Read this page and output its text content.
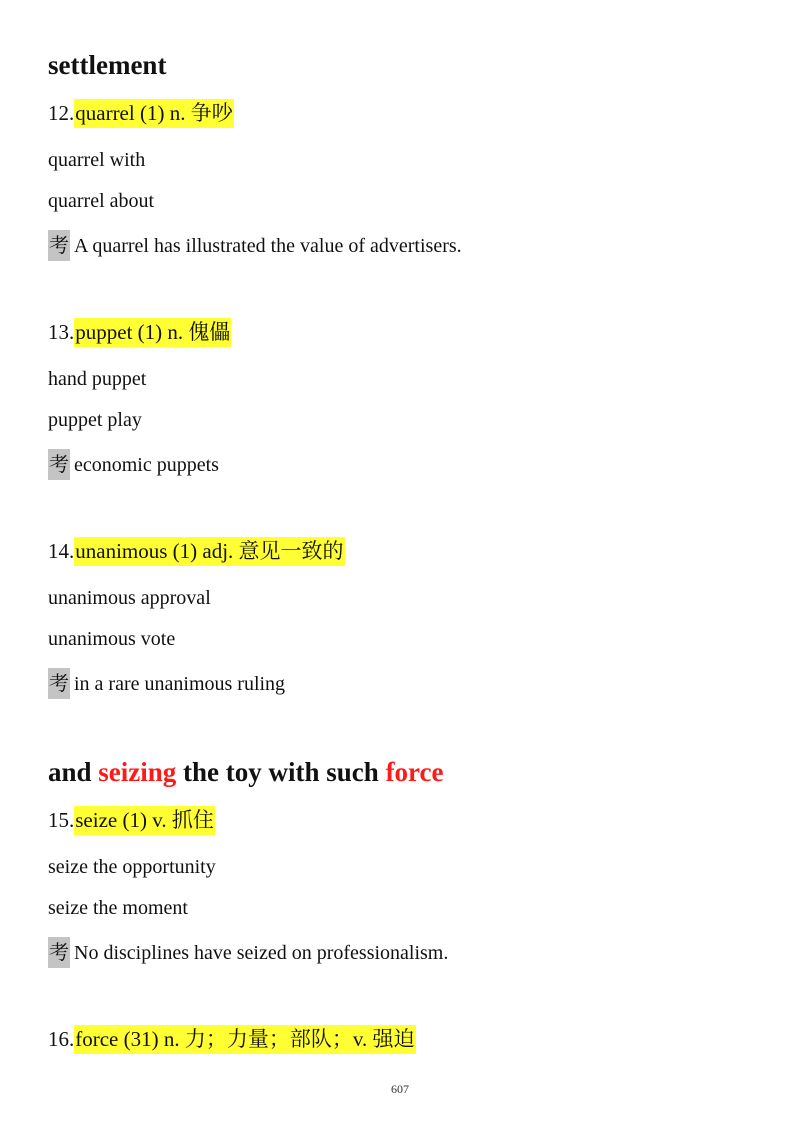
settlement
12.quarrel (1) n. 争吵
quarrel with
quarrel about
考 A quarrel has illustrated the value of advertisers.
13.puppet (1) n. 傀儡
hand puppet
puppet play
考 economic puppets
14.unanimous (1) adj. 意见一致的
unanimous approval
unanimous vote
考 in a rare unanimous ruling
and seizing the toy with such force
15.seize (1) v. 抓住
seize the opportunity
seize the moment
考 No disciplines have seized on professionalism.
16.force (31) n. 力；力量；部队；v. 强迫
607
